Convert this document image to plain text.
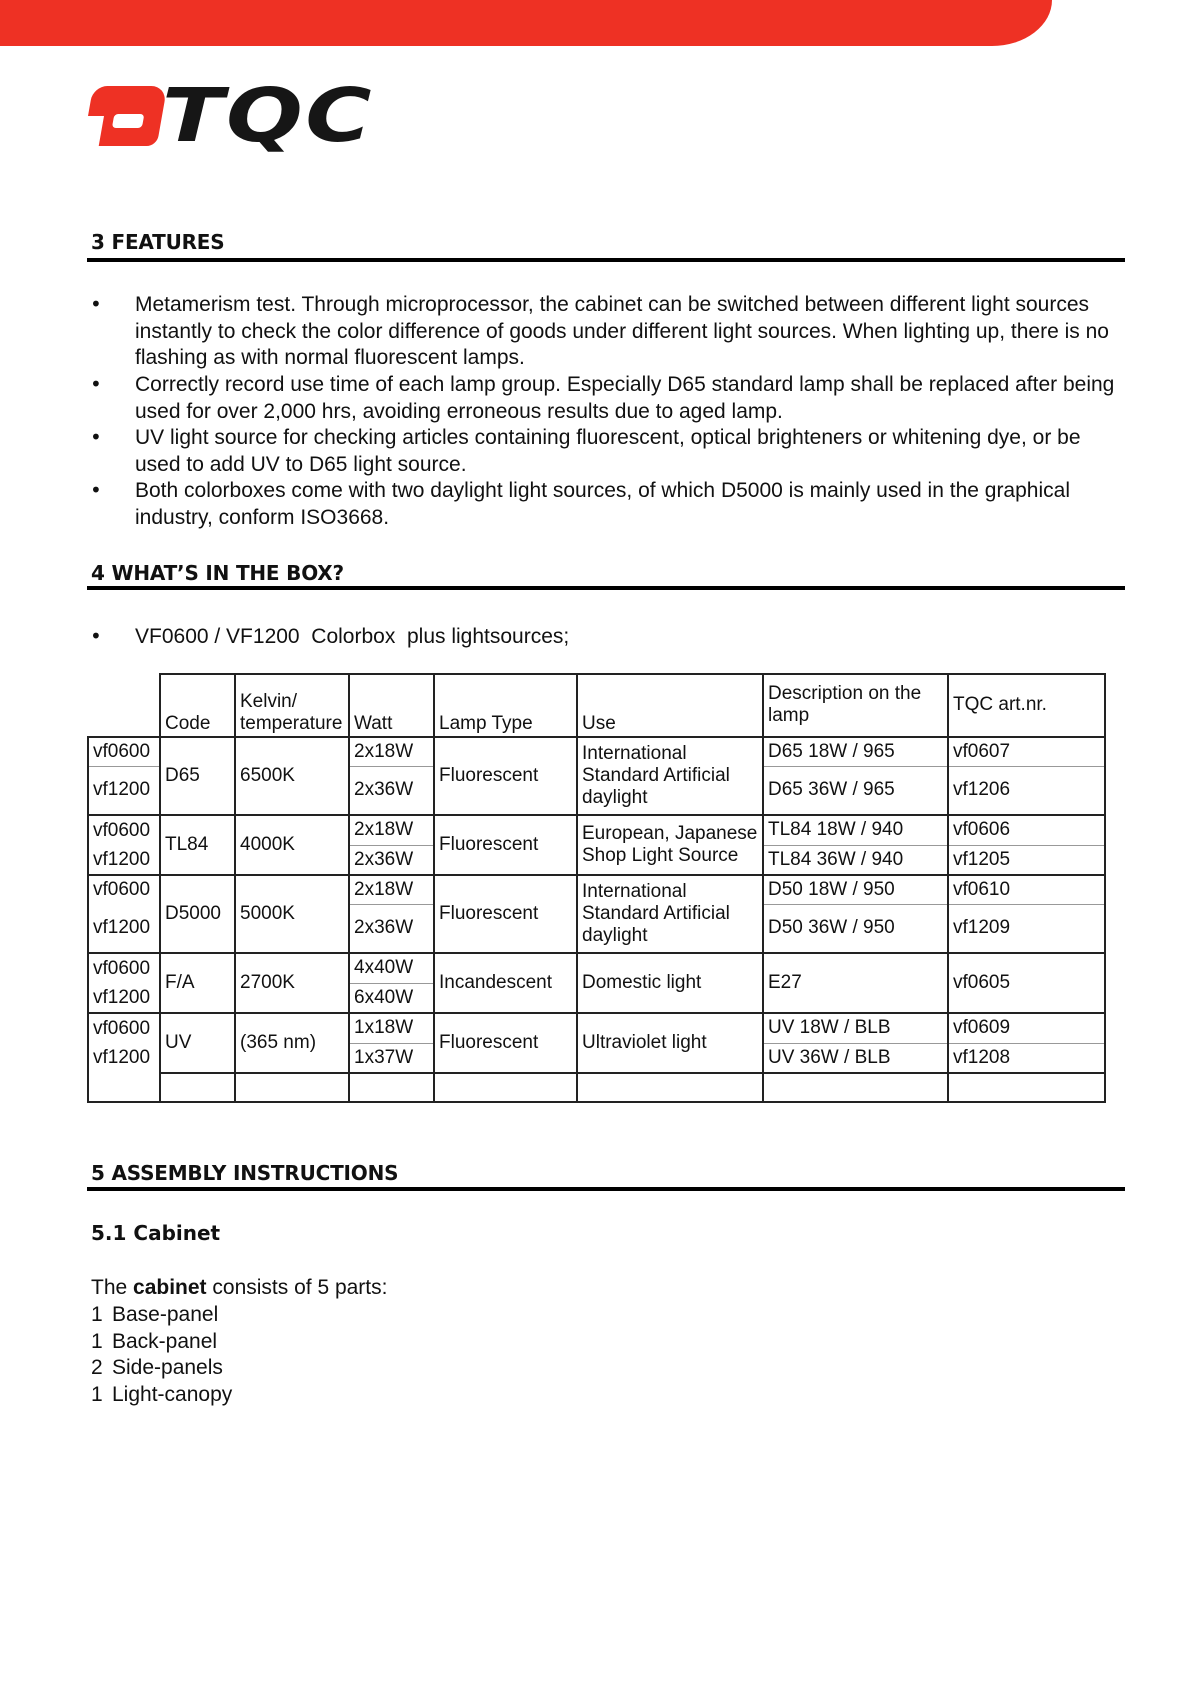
TQC
3 FEATURES
• Metamerism test. Through microprocessor, the cabinet can be switched between different light sources instantly to check the color difference of goods under different light sources. When lighting up, there is no flashing as with normal fluorescent lamps.
• Correctly record use time of each lamp group. Especially D65 standard lamp shall be replaced after being used for over 2,000 hrs, avoiding erroneous results due to aged lamp.
• UV light source for checking articles containing fluorescent, optical brighteners or whitening dye, or be used to add UV to D65 light source.
• Both colorboxes come with two daylight light sources, of which D5000 is mainly used in the graphical industry, conform ISO3668.
4 WHAT’S IN THE BOX?
• VF0600 / VF1200  Colorbox  plus lightsources;
	Code	Kelvin/ temperature	Watt	Lamp Type	Use	Description on the lamp	TQC art.nr.
vf0600	D65	6500K	2x18W	Fluorescent	International Standard Artificial daylight	D65 18W / 965	vf0607
vf1200			2x36W			D65 36W / 965	vf1206
vf0600	TL84	4000K	2x18W	Fluorescent	European, Japanese Shop Light Source	TL84 18W / 940	vf0606
vf1200			2x36W			TL84 36W / 940	vf1205
vf0600	D5000	5000K	2x18W	Fluorescent	International Standard Artificial daylight	D50 18W / 950	vf0610
vf1200			2x36W			D50 36W / 950	vf1209
vf0600	F/A	2700K	4x40W	Incandescent	Domestic light	E27	vf0605
vf1200			6x40W				
vf0600	UV	(365 nm)	1x18W	Fluorescent	Ultraviolet light	UV 18W / BLB	vf0609
vf1200			1x37W			UV 36W / BLB	vf1208

5 ASSEMBLY INSTRUCTIONS
5.1 Cabinet
The cabinet consists of 5 parts:
1 Base-panel
1 Back-panel
2 Side-panels
1 Light-canopy
